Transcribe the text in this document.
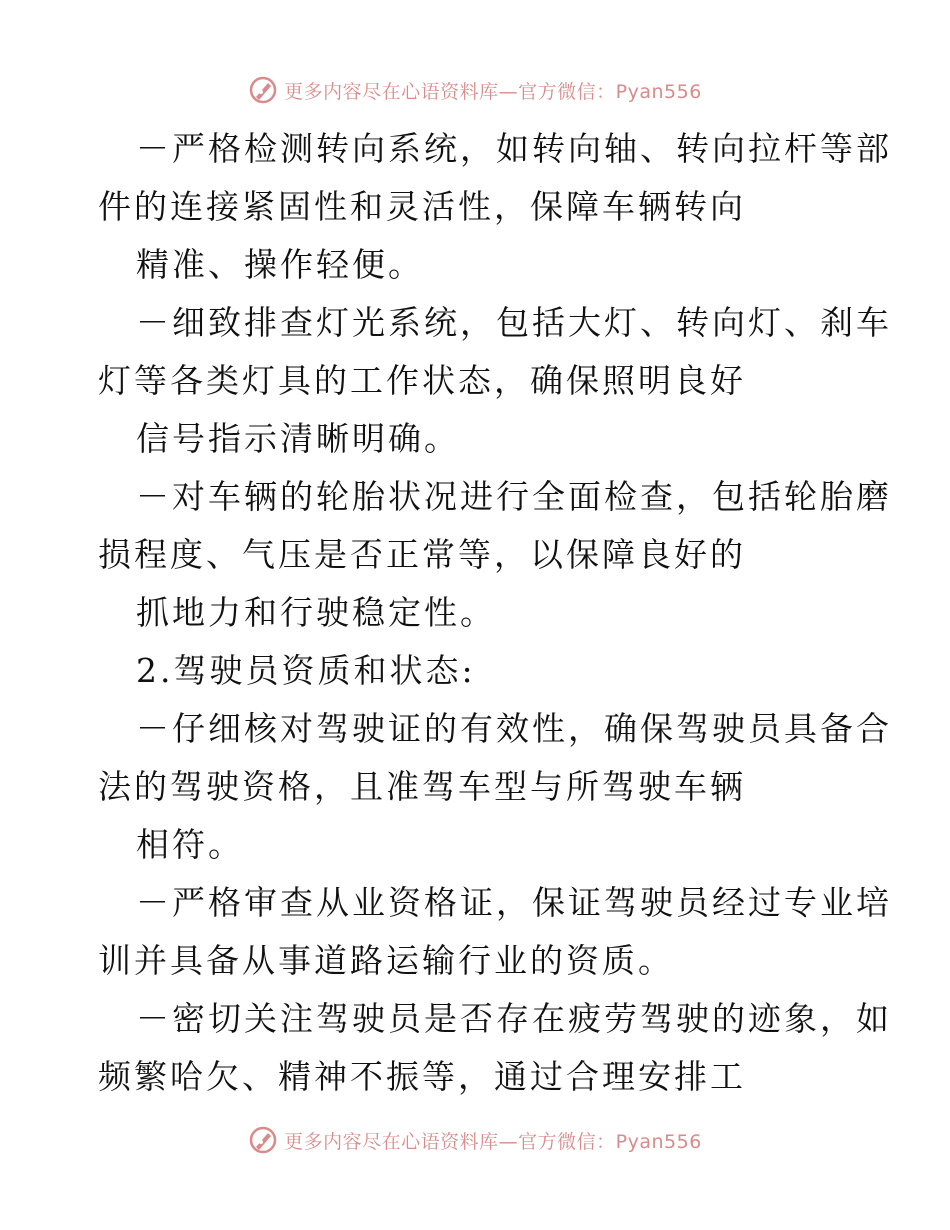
更多内容尽在心语资料库—官方微信：Pyan556
－严格检测转向系统，如转向轴、转向拉杆等部
件的连接紧固性和灵活性，保障车辆转向
精准、操作轻便。
－细致排查灯光系统，包括大灯、转向灯、刹车
灯等各类灯具的工作状态，确保照明良好
信号指示清晰明确。
－对车辆的轮胎状况进行全面检查，包括轮胎磨
损程度、气压是否正常等，以保障良好的
抓地力和行驶稳定性。
2.驾驶员资质和状态:
－仔细核对驾驶证的有效性，确保驾驶员具备合
法的驾驶资格，且准驾车型与所驾驶车辆
相符。
－严格审查从业资格证，保证驾驶员经过专业培
训并具备从事道路运输行业的资质。
－密切关注驾驶员是否存在疲劳驾驶的迹象，如
频繁哈欠、精神不振等，通过合理安排工
更多内容尽在心语资料库—官方微信：Pyan556
